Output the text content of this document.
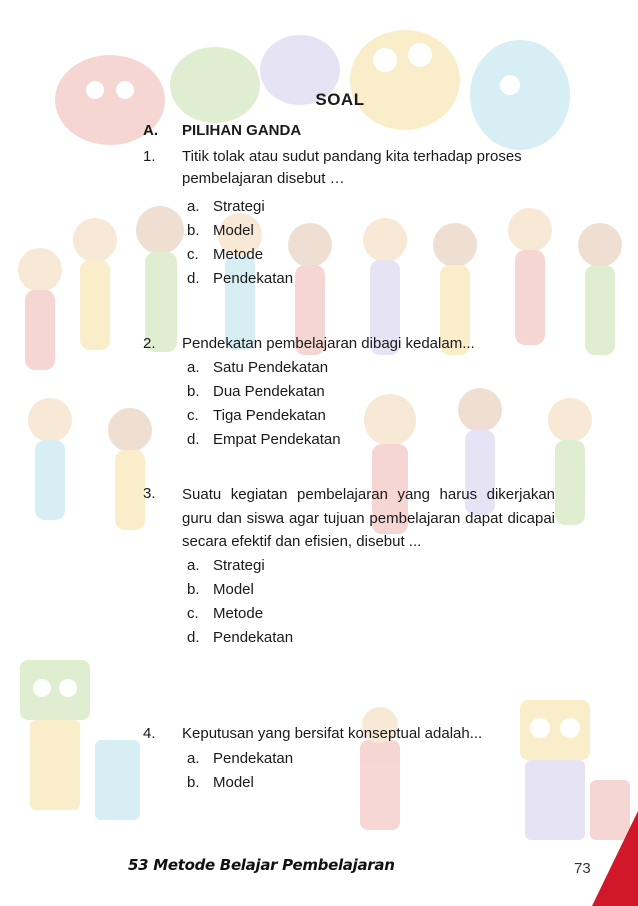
SOAL
A. PILIHAN GANDA
1.	Titik tolak atau sudut pandang kita terhadap proses pembelajaran disebut …
a. Strategi
b. Model
c. Metode
d. Pendekatan
2.	Pendekatan pembelajaran dibagi kedalam...
a. Satu Pendekatan
b. Dua Pendekatan
c. Tiga Pendekatan
d. Empat Pendekatan
3.	Suatu kegiatan pembelajaran yang harus dikerjakan guru dan siswa agar tujuan pembelajaran dapat dicapai secara efektif dan efisien, disebut ...
a. Strategi
b. Model
c. Metode
d. Pendekatan
4.	Keputusan yang bersifat konseptual adalah...
a. Pendekatan
b. Model
53 Metode Belajar Pembelajaran	73
